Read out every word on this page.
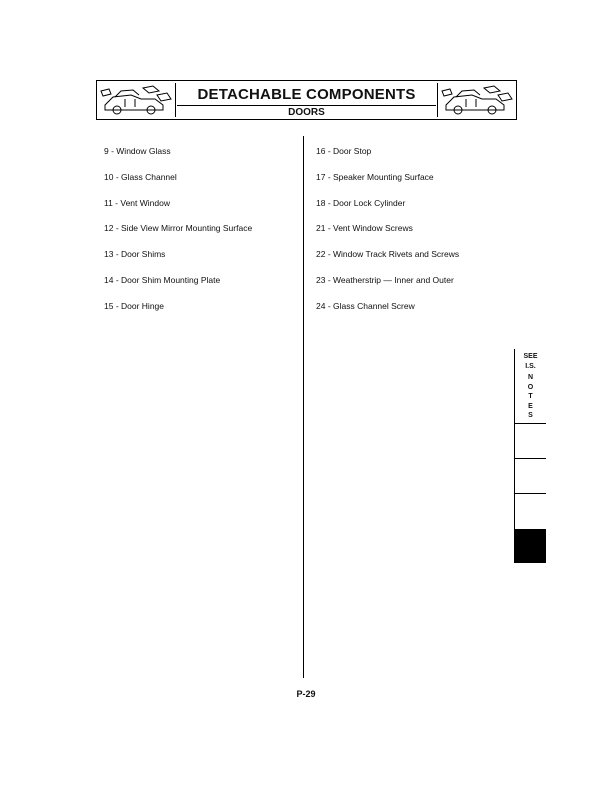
DETACHABLE COMPONENTS
DOORS
9 - Window Glass
10 - Glass Channel
11 - Vent Window
12 - Side View Mirror Mounting Surface
13 - Door Shims
14 - Door Shim Mounting Plate
15 - Door Hinge
16 - Door Stop
17 - Speaker Mounting Surface
18 - Door Lock Cylinder
21 - Vent Window Screws
22 - Window Track Rivets and Screws
23 - Weatherstrip — Inner and Outer
24 - Glass Channel Screw
SEE
I.S.
N
O
T
E
S
P-29
